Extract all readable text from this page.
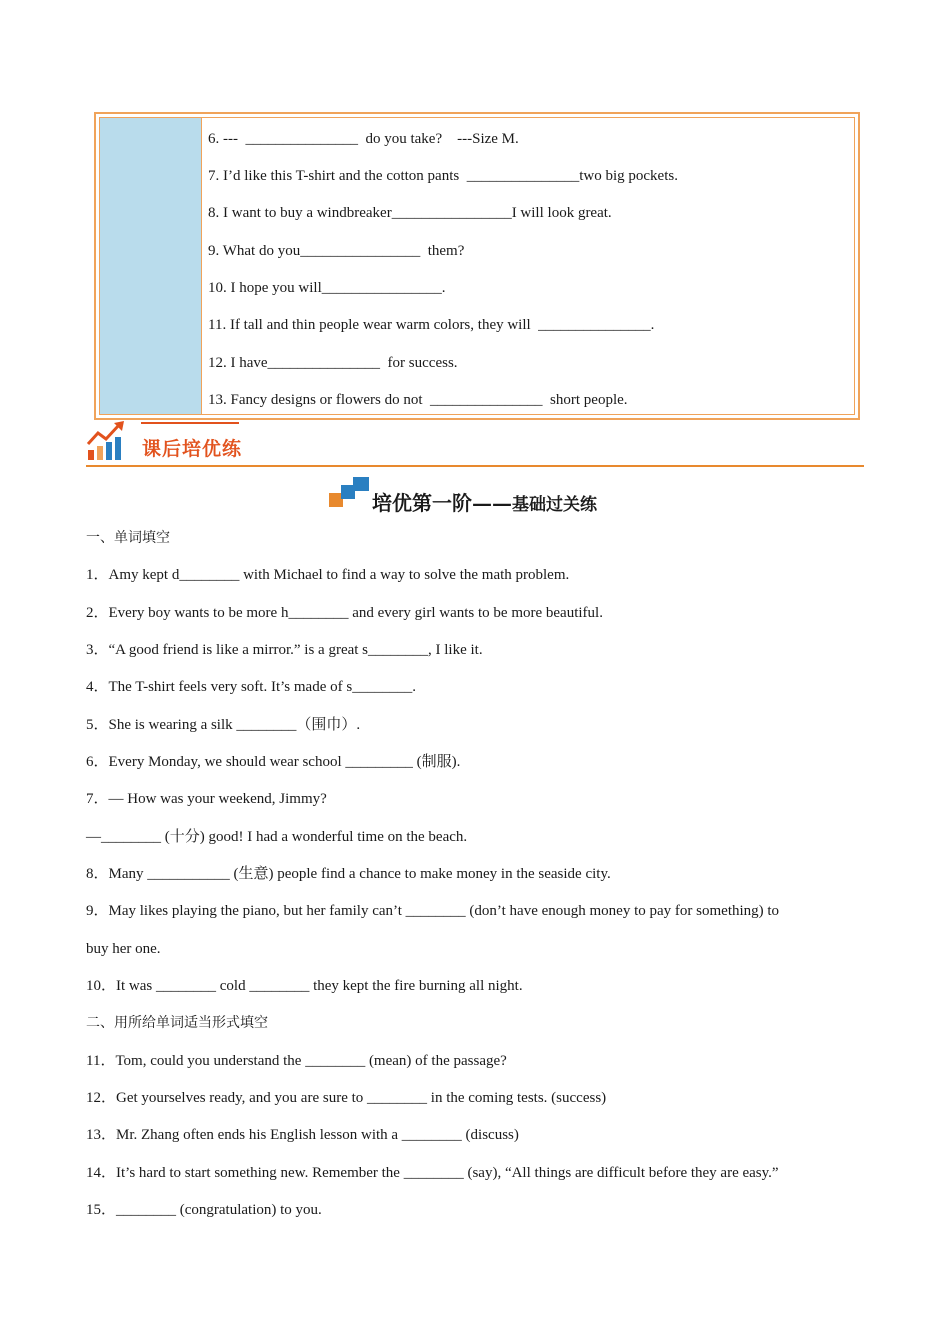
6. ---  _______________  do you take?    ---Size M.
7. I’d like this T-shirt and the cotton pants  _______________two big pockets.
8. I want to buy a windbreaker________________I will look great.
9. What do you________________  them?
10. I hope you will________________.
11. If tall and thin people wear warm colors, they will  _______________.
12. I have_______________  for success.
13. Fancy designs or flowers do not  _______________  short people.
课后培优练
培优第一阶——基础过关练
一、单词填空
1．Amy kept d________ with Michael to find a way to solve the math problem.
2．Every boy wants to be more h________ and every girl wants to be more beautiful.
3．“A good friend is like a mirror.” is a great s________, I like it.
4．The T-shirt feels very soft. It’s made of s________.
5．She is wearing a silk ________（围巾）.
6．Every Monday, we should wear school _________ (制服).
7．— How was your weekend, Jimmy?
—________ (十分) good! I had a wonderful time on the beach.
8．Many ___________ (生意) people find a chance to make money in the seaside city.
9．May likes playing the piano, but her family can’t ________ (don’t have enough money to pay for something) to
buy her one.
10．It was ________ cold ________ they kept the fire burning all night.
二、用所给单词适当形式填空
11．Tom, could you understand the ________ (mean) of the passage?
12．Get yourselves ready, and you are sure to ________ in the coming tests. (success)
13．Mr. Zhang often ends his English lesson with a ________ (discuss)
14．It’s hard to start something new. Remember the ________ (say), “All things are difficult before they are easy.”
15．________ (congratulation) to you.
